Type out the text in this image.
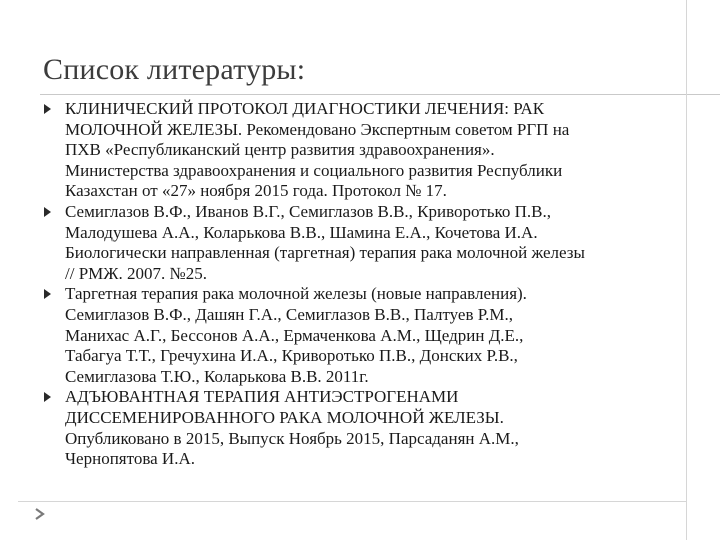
Список литературы:
КЛИНИЧЕСКИЙ ПРОТОКОЛ ДИАГНОСТИКИ ЛЕЧЕНИЯ: РАК
МОЛОЧНОЙ ЖЕЛЕЗЫ. Рекомендовано Экспертным советом РГП на
ПХВ «Республиканский центр развития здравоохранения».
Министерства здравоохранения и социального развития Республики
Казахстан от «27» ноября 2015 года. Протокол № 17.
Семиглазов В.Ф., Иванов В.Г., Семиглазов В.В., Криворотько П.В.,
Малодушева А.А., Коларькова В.В., Шамина Е.А., Кочетова И.А.
Биологически направленная (таргетная) терапия рака молочной железы
// РМЖ. 2007. №25.
Таргетная терапия рака молочной железы (новые направления).
Семиглазов В.Ф., Дашян Г.А., Семиглазов В.В., Палтуев Р.М.,
Манихас А.Г., Бессонов А.А., Ермаченкова А.М., Щедрин Д.Е.,
Табагуа Т.Т., Гречухина И.А., Криворотько П.В., Донских Р.В.,
Семиглазова Т.Ю., Коларькова В.В. 2011г.
АДЪЮВАНТНАЯ ТЕРАПИЯ АНТИЭСТРОГЕНАМИ
ДИССЕМЕНИРОВАННОГО РАКА МОЛОЧНОЙ ЖЕЛЕЗЫ.
Опубликовано в 2015, Выпуск Ноябрь 2015, Парсаданян А.М.,
Чернопятова И.А.
